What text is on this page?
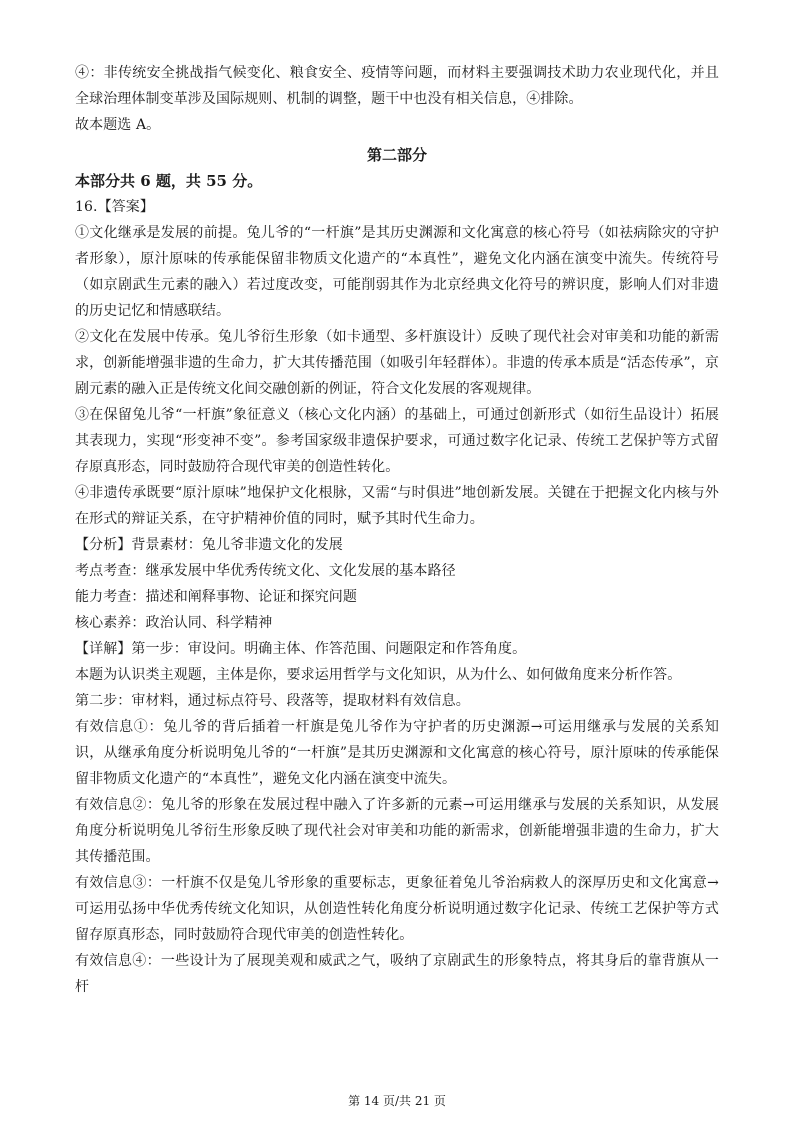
④：非传统安全挑战指气候变化、粮食安全、疫情等问题，而材料主要强调技术助力农业现代化，并且全球治理体制变革涉及国际规则、机制的调整，题干中也没有相关信息，④排除。

故本题选 A。

第二部分

本部分共 6 题，共 55 分。

16.【答案】

①文化继承是发展的前提。兔儿爷的“一杆旗”是其历史渊源和文化寓意的核心符号（如祛病除灾的守护者形象），原汁原味的传承能保留非物质文化遗产的“本真性”，避免文化内涵在演变中流失。传统符号（如京剧武生元素的融入）若过度改变，可能削弱其作为北京经典文化符号的辨识度，影响人们对非遗的历史记忆和情感联结。

②文化在发展中传承。兔儿爷衍生形象（如卡通型、多杆旗设计）反映了现代社会对审美和功能的新需求，创新能增强非遗的生命力，扩大其传播范围（如吸引年轻群体）。非遗的传承本质是“活态传承”，京剧元素的融入正是传统文化间交融创新的例证，符合文化发展的客观规律。

③在保留兔儿爷“一杆旗”象征意义（核心文化内涵）的基础上，可通过创新形式（如衍生品设计）拓展其表现力，实现“形变神不变”。参考国家级非遗保护要求，可通过数字化记录、传统工艺保护等方式留存原真形态，同时鼓励符合现代审美的创造性转化。

④非遗传承既要“原汁原味”地保护文化根脉，又需“与时俱进”地创新发展。关键在于把握文化内核与外在形式的辩证关系，在守护精神价值的同时，赋予其时代生命力。

【分析】背景素材：兔儿爷非遗文化的发展

考点考查：继承发展中华优秀传统文化、文化发展的基本路径

能力考查：描述和阐释事物、论证和探究问题

核心素养：政治认同、科学精神

【详解】第一步：审设问。明确主体、作答范围、问题限定和作答角度。

本题为认识类主观题，主体是你，要求运用哲学与文化知识，从为什么、如何做角度来分析作答。

第二步：审材料，通过标点符号、段落等，提取材料有效信息。

有效信息①：兔儿爷的背后插着一杆旗是兔儿爷作为守护者的历史渊源→可运用继承与发展的关系知识，从继承角度分析说明兔儿爷的“一杆旗”是其历史渊源和文化寓意的核心符号，原汁原味的传承能保留非物质文化遗产的“本真性”，避免文化内涵在演变中流失。

有效信息②：兔儿爷的形象在发展过程中融入了许多新的元素→可运用继承与发展的关系知识，从发展角度分析说明兔儿爷衍生形象反映了现代社会对审美和功能的新需求，创新能增强非遗的生命力，扩大其传播范围。

有效信息③：一杆旗不仅是兔儿爷形象的重要标志，更象征着兔儿爷治病救人的深厚历史和文化寓意→可运用弘扬中华优秀传统文化知识，从创造性转化角度分析说明通过数字化记录、传统工艺保护等方式留存原真形态，同时鼓励符合现代审美的创造性转化。

有效信息④：一些设计为了展现美观和威武之气，吸纳了京剧武生的形象特点，将其身后的靠背旗从一杆

第 14 页/共 21 页
